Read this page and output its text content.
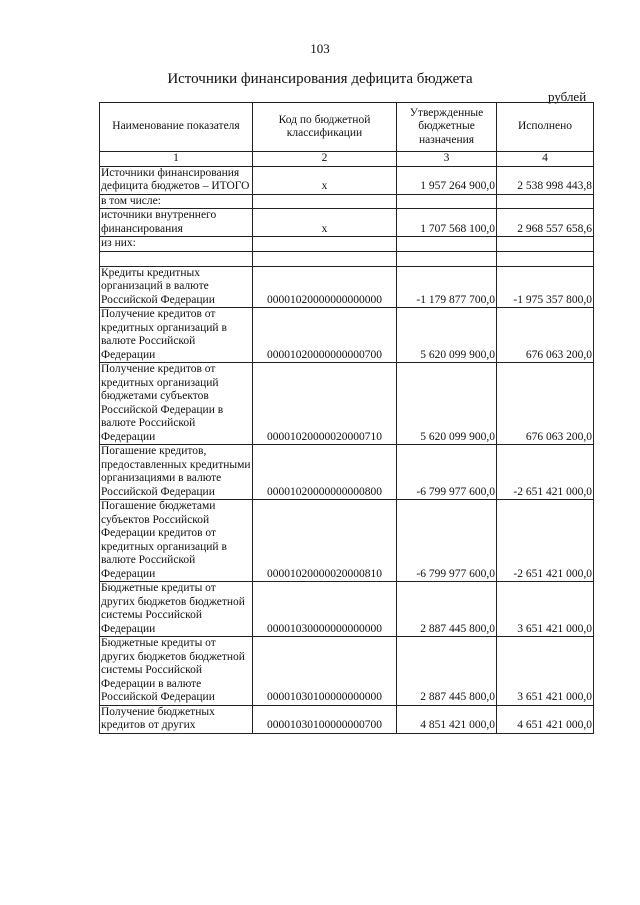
103
Источники финансирования дефицита бюджета
рублей
Наименование показателя	Код по бюджетной классификации	Утвержденные бюджетные назначения	Исполнено
1	2	3	4
Источники финансирования дефицита бюджетов – ИТОГО	x	1 957 264 900,0	2 538 998 443,8
в том числе:			
источники внутреннего финансирования	x	1 707 568 100,0	2 968 557 658,6
из них:			

Кредиты кредитных организаций в валюте Российской Федерации	00001020000000000000	-1 179 877 700,0	-1 975 357 800,0
Получение кредитов от кредитных организаций в валюте Российской Федерации	00001020000000000700	5 620 099 900,0	676 063 200,0
Получение кредитов от кредитных организаций бюджетами субъектов Российской Федерации в валюте Российской Федерации	00001020000020000710	5 620 099 900,0	676 063 200,0
Погашение кредитов, предоставленных кредитными организациями в валюте Российской Федерации	00001020000000000800	-6 799 977 600,0	-2 651 421 000,0
Погашение бюджетами субъектов Российской Федерации кредитов от кредитных организаций в валюте Российской Федерации	00001020000020000810	-6 799 977 600,0	-2 651 421 000,0
Бюджетные кредиты от других бюджетов бюджетной системы Российской Федерации	00001030000000000000	2 887 445 800,0	3 651 421 000,0
Бюджетные кредиты от других бюджетов бюджетной системы Российской Федерации в валюте Российской Федерации	00001030100000000000	2 887 445 800,0	3 651 421 000,0
Получение бюджетных кредитов от других	00001030100000000700	4 851 421 000,0	4 651 421 000,0
